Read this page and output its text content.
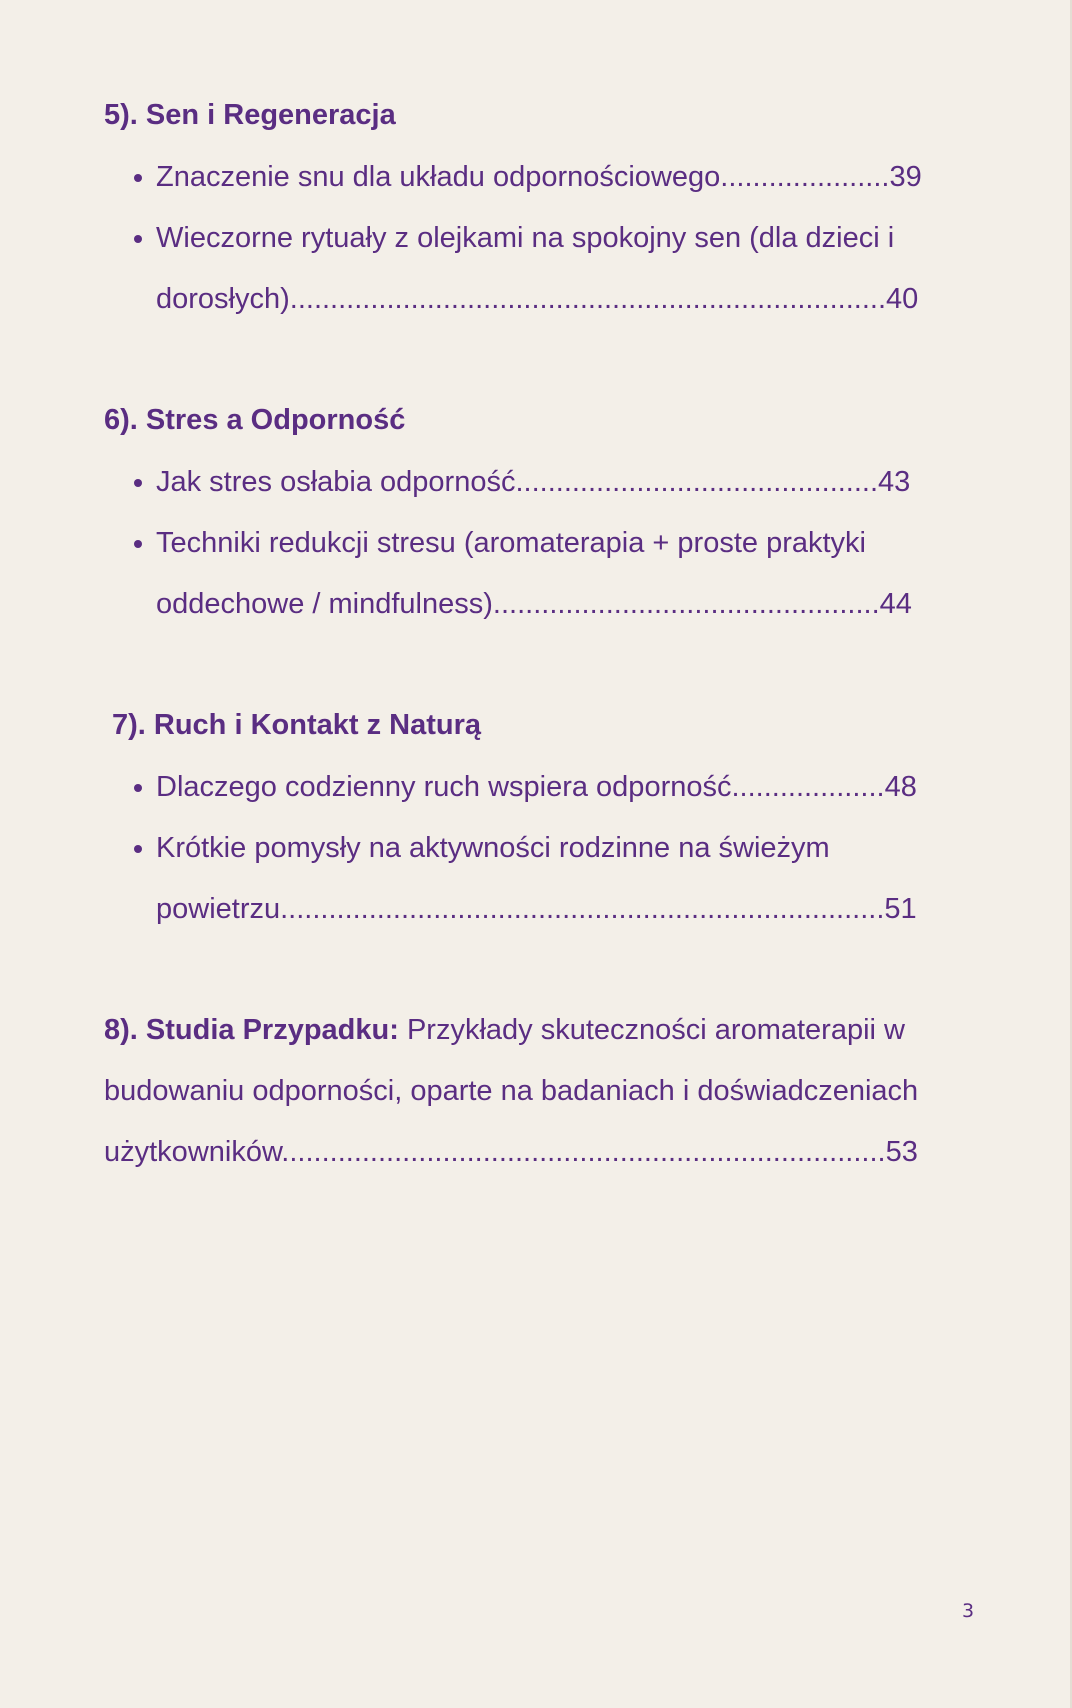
5). Sen i Regeneracja
Znaczenie snu dla układu odpornościowego.....................39
Wieczorne rytuały z olejkami na spokojny sen (dla dzieci i
dorosłych)..........................................................................40
6). Stres a Odporność
Jak stres osłabia odporność.............................................43
Techniki redukcji stresu (aromaterapia + proste praktyki
oddechowe / mindfulness)................................................44
7). Ruch i Kontakt z Naturą
Dlaczego codzienny ruch wspiera odporność...................48
Krótkie pomysły na aktywności rodzinne na świeżym
powietrzu...........................................................................51
8). Studia Przypadku: Przykłady skuteczności aromaterapii w
budowaniu odporności, oparte na badaniach i doświadczeniach
użytkowników...........................................................................53
3
